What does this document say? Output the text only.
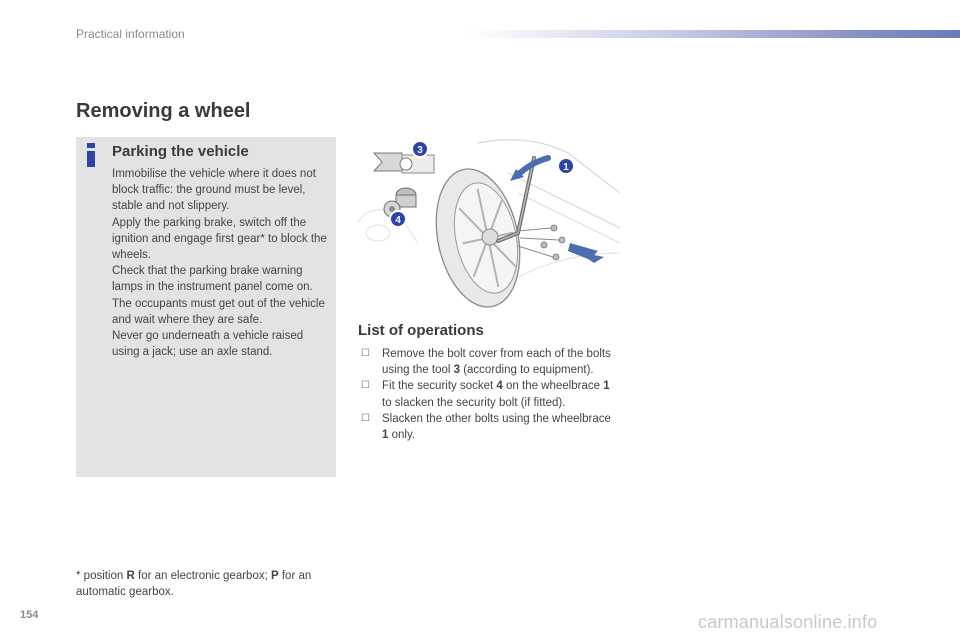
Practical information
Removing a wheel
Parking the vehicle

Immobilise the vehicle where it does not block traffic: the ground must be level, stable and not slippery.

Apply the parking brake, switch off the ignition and engage first gear* to block the wheels.

Check that the parking brake warning lamps in the instrument panel come on.

The occupants must get out of the vehicle and wait where they are safe.

Never go underneath a vehicle raised using a jack; use an axle stand.

3
1
4
List of operations
☐ Remove the bolt cover from each of the bolts using the tool 3 (according to equipment).
☐ Fit the security socket 4 on the wheelbrace 1 to slacken the security bolt (if fitted).
☐ Slacken the other bolts using the wheelbrace 1 only.
* position R for an electronic gearbox; P for an automatic gearbox.
154	carmanualsonline.info
